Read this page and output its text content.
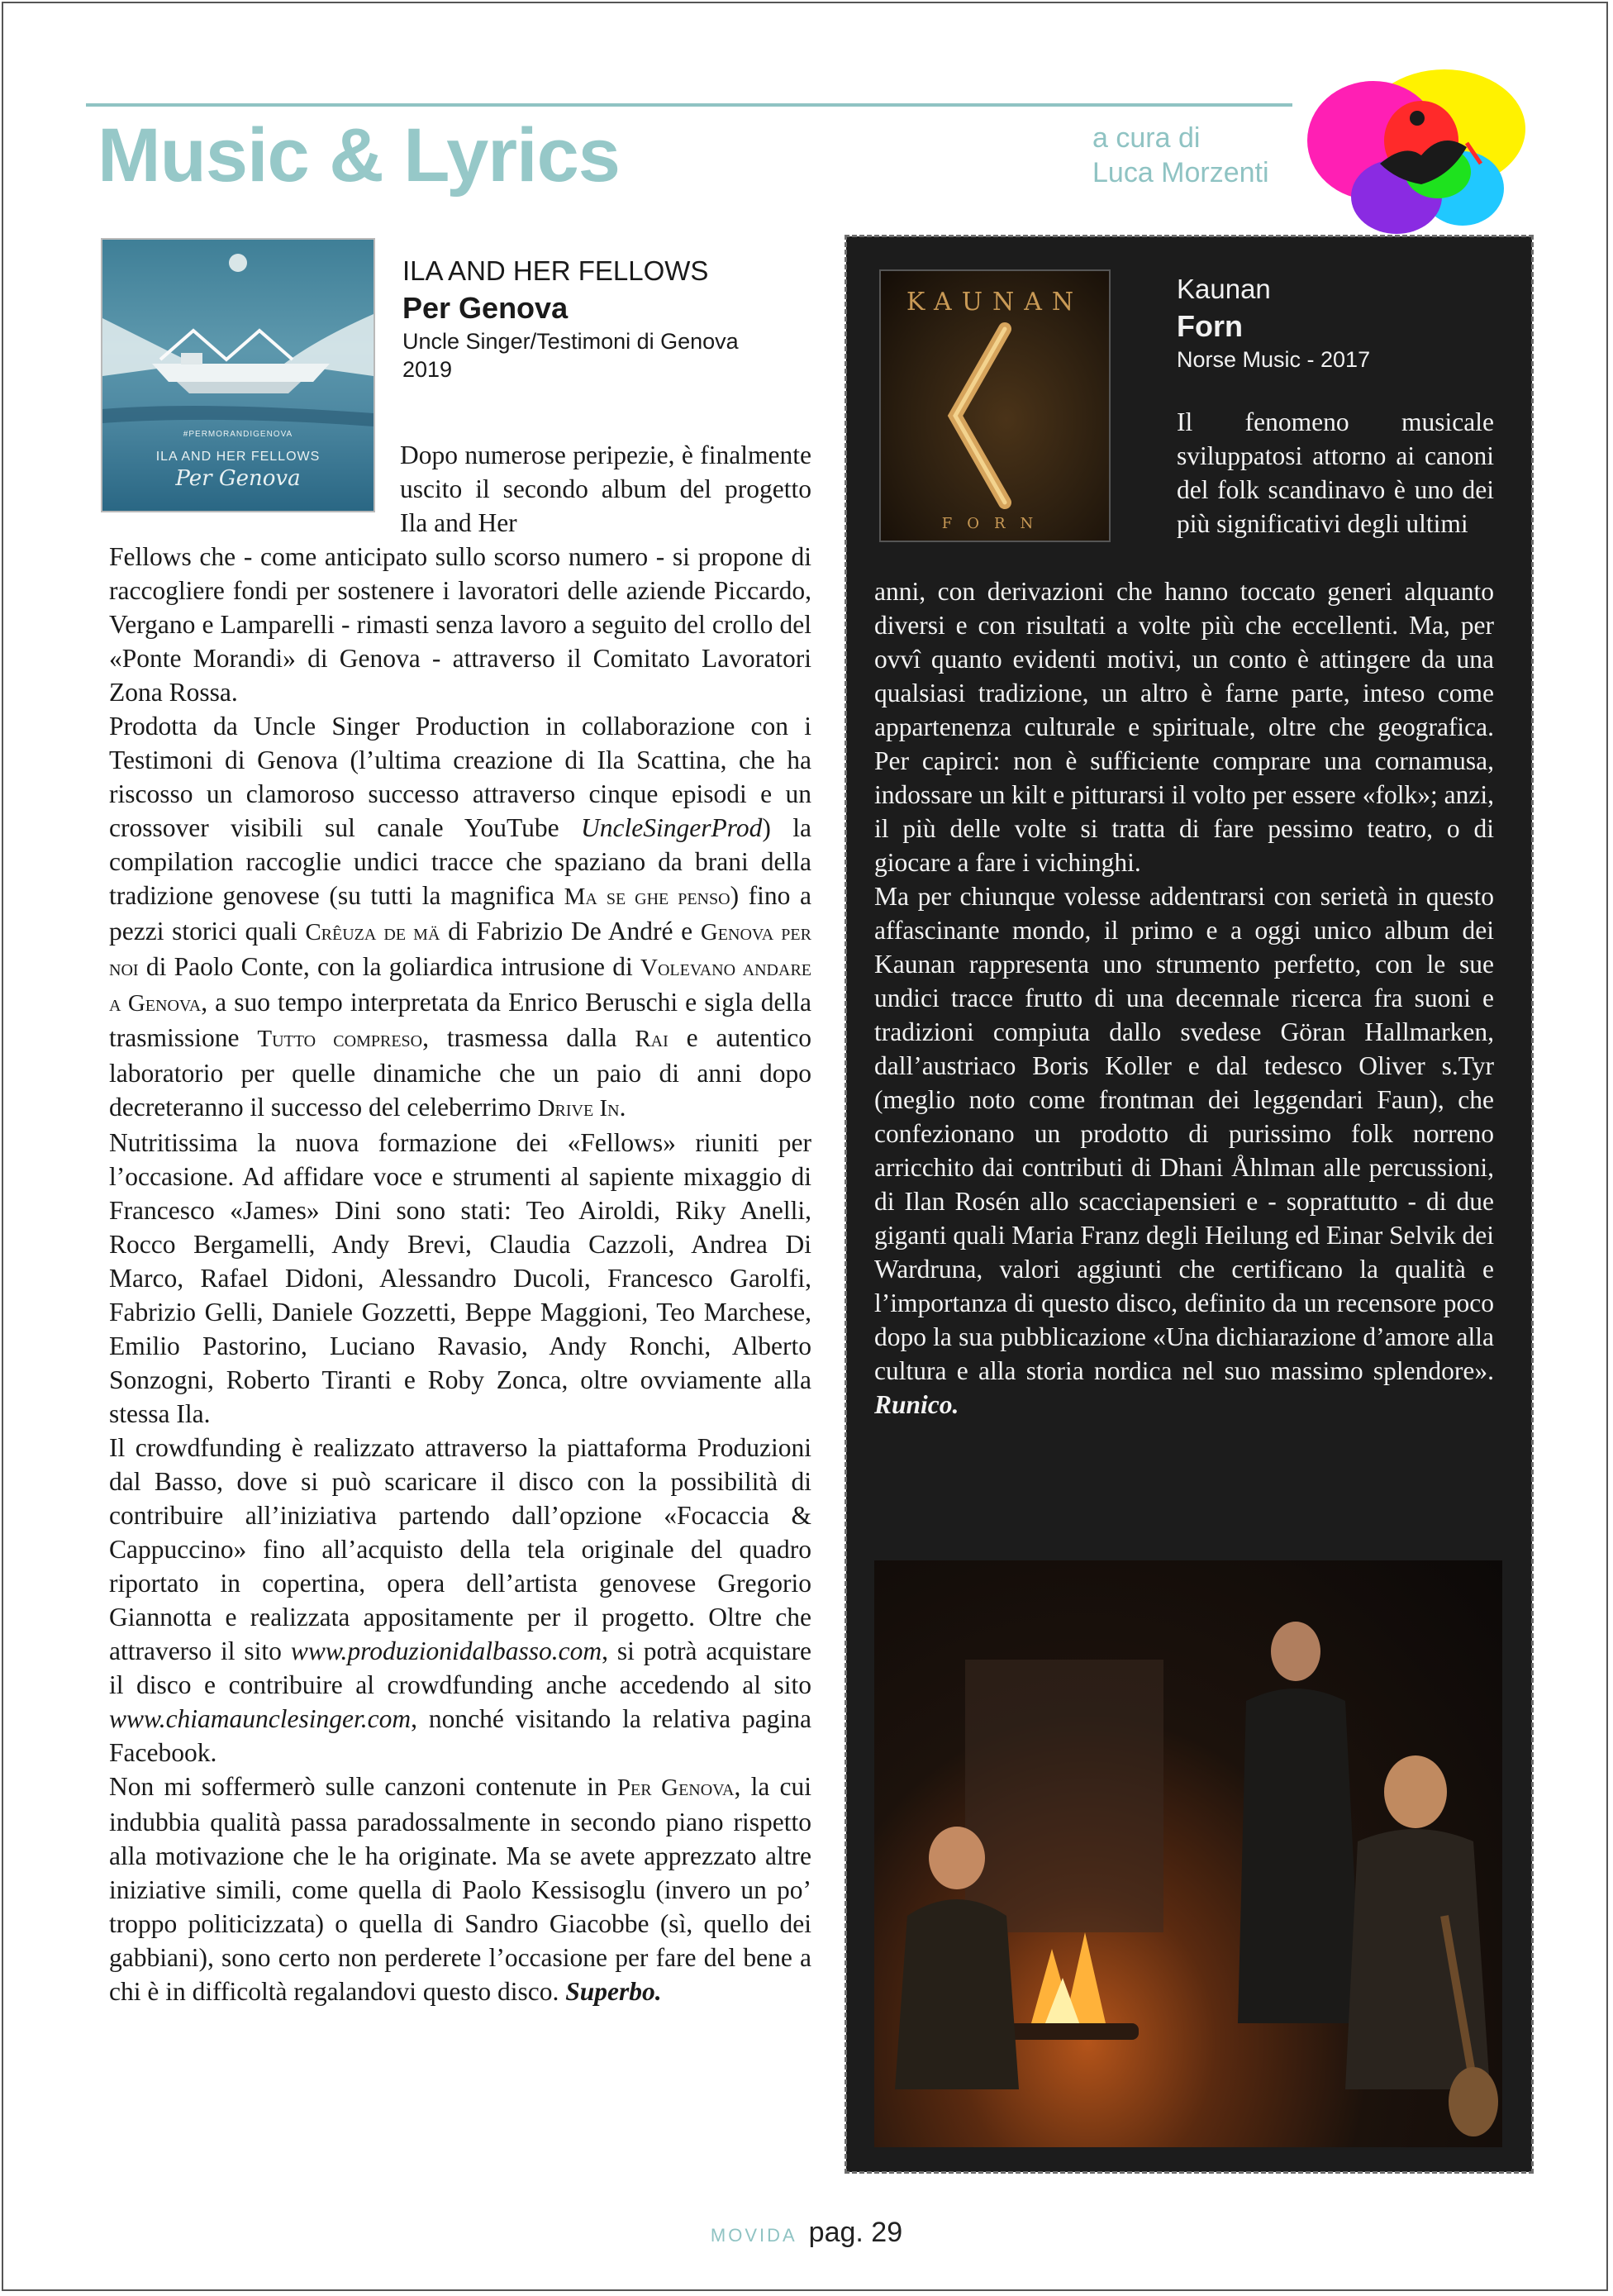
Music & Lyrics	a cura di
Luca Morzenti
#PERMORANDIGENOVA
ILA AND HER FELLOWS
Per Genova
ILA AND HER FELLOWS
Per Genova
Uncle Singer/Testimoni di Genova
2019
Dopo numerose peripezie, è finalmente uscito il secondo album del progetto Ila and Her

Fellows che - come anticipato sullo scorso numero - si propone di raccogliere fondi per sostenere i lavoratori delle aziende Piccardo, Vergano e Lamparelli - rimasti senza lavoro a seguito del crollo del «Ponte Morandi» di Genova - attraverso il Comitato Lavoratori Zona Rossa.

Prodotta da Uncle Singer Production in collaborazione con i Testimoni di Genova (l’ultima creazione di Ila Scattina, che ha riscosso un clamoroso successo attraverso cinque episodi e un crossover visibili sul canale YouTube UncleSingerProd) la compilation raccoglie undici tracce che spaziano da brani della tradizione genovese (su tutti la magnifica Ma se ghe penso) fino a pezzi storici quali Crêuza de mä di Fabrizio De André e Genova per noi di Paolo Conte, con la goliardica intrusione di Volevano andare a Genova, a suo tempo interpretata da Enrico Beruschi e sigla della trasmissione Tutto compreso, trasmessa dalla Rai e autentico laboratorio per quelle dinamiche che un paio di anni dopo decreteranno il successo del celeberrimo Drive In.

Nutritissima la nuova formazione dei «Fellows» riuniti per l’occasione. Ad affidare voce e strumenti al sapiente mixaggio di Francesco «James» Dini sono stati: Teo Airoldi, Riky Anelli, Rocco Bergamelli, Andy Brevi, Claudia Cazzoli, Andrea Di Marco, Rafael Didoni, Alessandro Ducoli, Francesco Garolfi, Fabrizio Gelli, Daniele Gozzetti, Beppe Maggioni, Teo Marchese, Emilio Pastorino, Luciano Ravasio, Andy Ronchi, Alberto Sonzogni, Roberto Tiranti e Roby Zonca, oltre ovviamente alla stessa Ila.

Il crowdfunding è realizzato attraverso la piattaforma Produzioni dal Basso, dove si può scaricare il disco con la possibilità di contribuire all’iniziativa partendo dall’opzione «Focaccia & Cappuccino» fino all’acquisto della tela originale del quadro riportato in copertina, opera dell’artista genovese Gregorio Giannotta e realizzata appositamente per il progetto. Oltre che attraverso il sito www.produzionidalbasso.com, si potrà acquistare il disco e contribuire al crowdfunding anche accedendo al sito www.chiamaunclesinger.com, nonché visitando la relativa pagina Facebook.

Non mi soffermerò sulle canzoni contenute in Per Genova, la cui indubbia qualità passa paradossalmente in secondo piano rispetto alla motivazione che le ha originate. Ma se avete apprezzato altre iniziative simili, come quella di Paolo Kessisoglu (invero un po’ troppo politicizzata) o quella di Sandro Giacobbe (sì, quello dei gabbiani), sono certo non perderete l’occasione per fare del bene a chi è in difficoltà regalandovi questo disco. Superbo.

KAUNAN
FORN
Kaunan
Forn
Norse Music - 2017
Il fenomeno musicale sviluppatosi attorno ai canoni del folk scandinavo è uno dei più significativi degli ultimi

anni, con derivazioni che hanno toccato generi alquanto diversi e con risultati a volte più che eccellenti. Ma, per ovvî quanto evidenti motivi, un conto è attingere da una qualsiasi tradizione, un altro è farne parte, inteso come appartenenza culturale e spirituale, oltre che geografica. Per capirci: non è sufficiente comprare una cornamusa, indossare un kilt e pitturarsi il volto per essere «folk»; anzi, il più delle volte si tratta di fare pessimo teatro, o di giocare a fare i vichinghi.

Ma per chiunque volesse addentrarsi con serietà in questo affascinante mondo, il primo e a oggi unico album dei Kaunan rappresenta uno strumento perfetto, con le sue undici tracce frutto di una decennale ricerca fra suoni e tradizioni compiuta dallo svedese Göran Hallmarken, dall’austriaco Boris Koller e dal tedesco Oliver s.Tyr (meglio noto come frontman dei leggendari Faun), che confezionano un prodotto di purissimo folk norreno arricchito dai contributi di Dhani Åhlman alle percussioni, di Ilan Rosén allo scacciapensieri e - soprattutto - di due giganti quali Maria Franz degli Heilung ed Einar Selvik dei Wardruna, valori aggiunti che certificano la qualità e l’importanza di questo disco, definito da un recensore poco dopo la sua pubblicazione «Una dichiarazione d’amore alla cultura e alla storia nordica nel suo massimo splendore». Runico.

MOVIDA pag. 29
